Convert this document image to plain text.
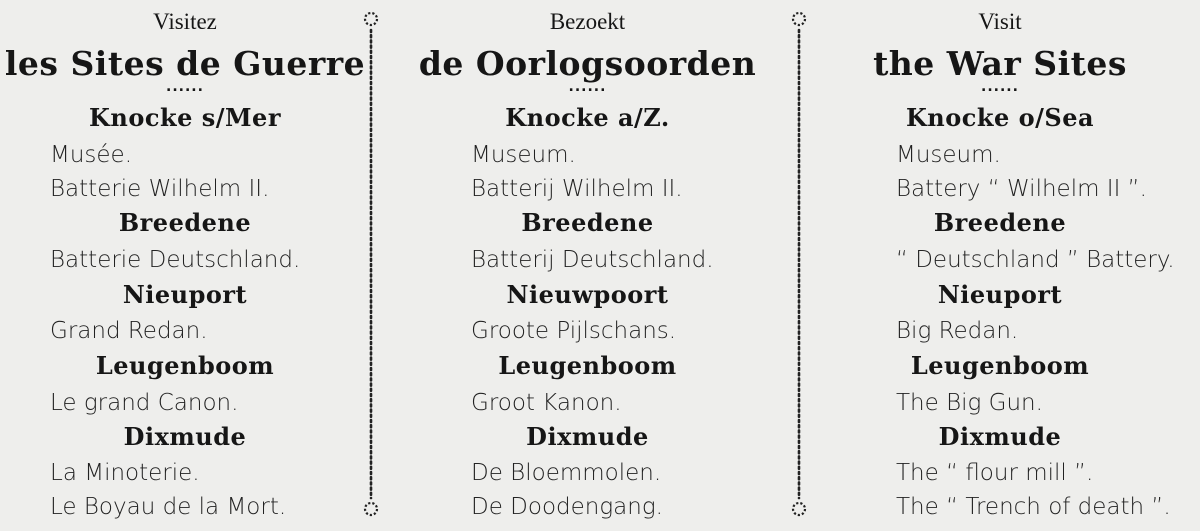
Visitez
les Sites de Guerre
......
Knocke s/Mer
Musée.
Batterie Wilhelm II.
Breedene
Batterie Deutschland.
Nieuport
Grand Redan.
Leugenboom
Le grand Canon.
Dixmude
La Minoterie.
Le Boyau de la Mort.
Bezoekt
de Oorlogsoorden
......
Knocke a/Z.
Museum.
Batterij Wilhelm II.
Breedene
Batterij Deutschland.
Nieuwpoort
Groote Pijlschans.
Leugenboom
Groot Kanon.
Dixmude
De Bloemmolen.
De Doodengang.
Visit
the War Sites
......
Knocke o/Sea
Museum.
Battery “ Wilhelm II ”.
Breedene
“ Deutschland ” Battery.
Nieuport
Big Redan.
Leugenboom
The Big Gun.
Dixmude
The “ flour mill ”.
The “ Trench of death ”.
